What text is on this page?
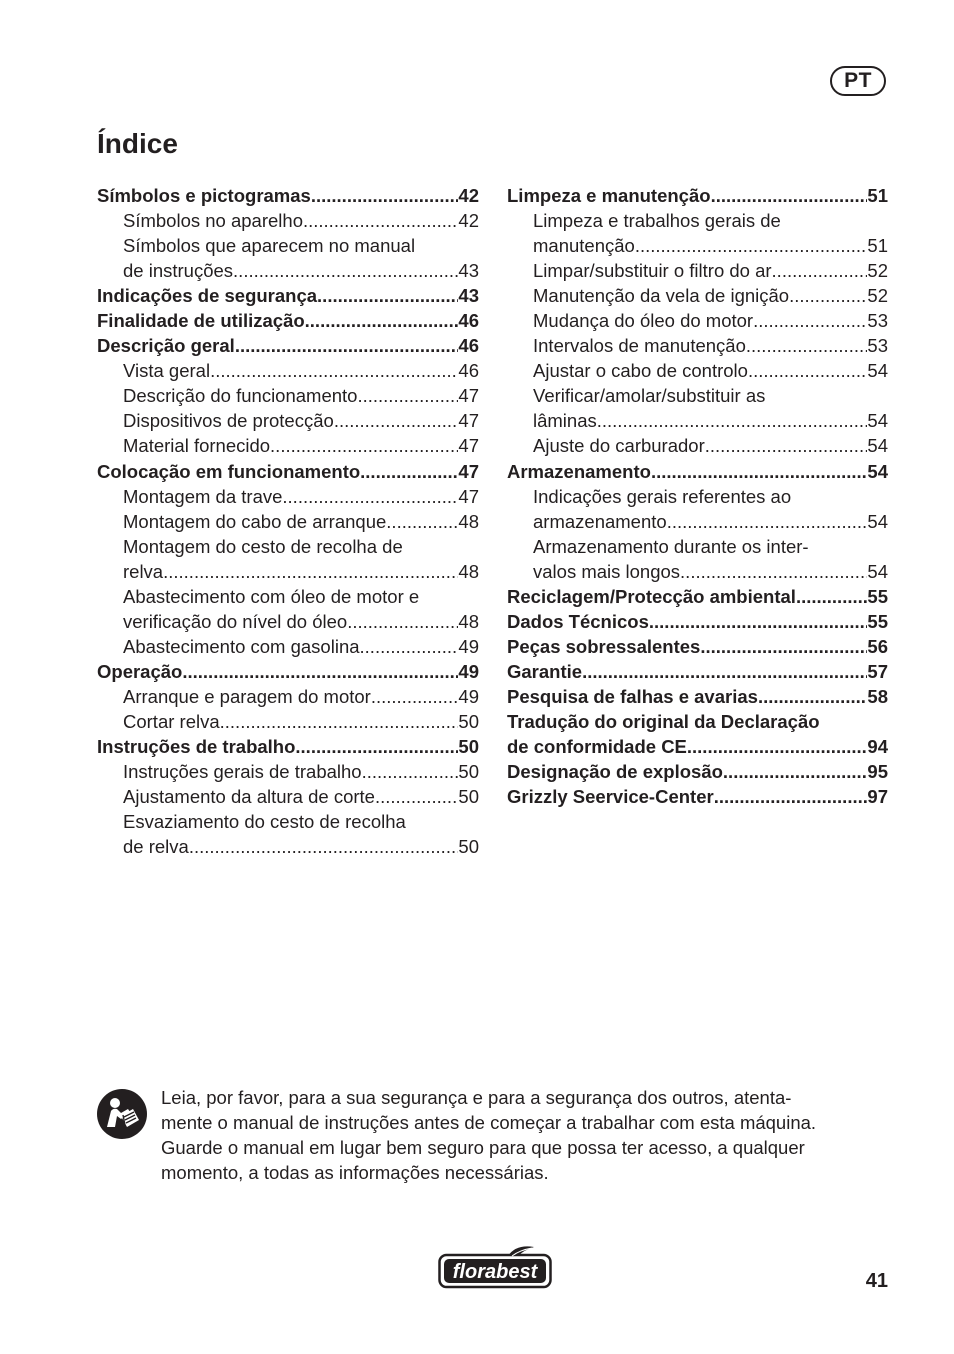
PT
Índice
Símbolos e pictogramas .....	42
Símbolos no aparelho .....	42
Símbolos que aparecem no manual
de instruções .....	43
Indicações de segurança .....	43
Finalidade de utilização .....	46
Descrição geral .....	46
Vista geral .....	46
Descrição do funcionamento .....	47
Dispositivos de protecção .....	47
Material fornecido .....	47
Colocação em funcionamento .....	47
Montagem da trave .....	47
Montagem do cabo de arranque .....	48
Montagem do cesto de recolha de
relva .....	48
Abastecimento com óleo de motor e
verificação do nível do óleo .....	48
Abastecimento com gasolina .....	49
Operação .....	49
Arranque e paragem do motor .....	49
Cortar relva .....	50
Instruções de trabalho .....	50
Instruções gerais de trabalho .....	50
Ajustamento da altura de corte .....	50
Esvaziamento do cesto de recolha
de relva .....	50
Limpeza e manutenção .....	51
Limpeza e trabalhos gerais de
manutenção .....	51
Limpar/substituir o filtro do ar .....	52
Manutenção da vela de ignição .....	52
Mudança do óleo do motor .....	53
Intervalos de manutenção .....	53
Ajustar o cabo de controlo .....	54
Verificar/amolar/substituir as
lâminas .....	54
Ajuste do carburador .....	54
Armazenamento .....	54
Indicações gerais referentes ao
armazenamento .....	54
Armazenamento durante os inter-
valos mais longos .....	54
Reciclagem/Protecção ambiental .....	55
Dados Técnicos .....	55
Peças sobressalentes .....	56
Garantie .....	57
Pesquisa de falhas e avarias .....	58
Tradução do original da Declaração
de conformidade CE .....	94
Designação de explosão .....	95
Grizzly Seervice-Center .....	97
Leia, por favor, para a sua segurança e para a segurança dos outros, atenta-
mente o manual de instruções antes de começar a trabalhar com esta máquina.
Guarde o manual em lugar bem seguro para que possa ter acesso, a qualquer
momento, a todas as informações necessárias.
florabest	41
